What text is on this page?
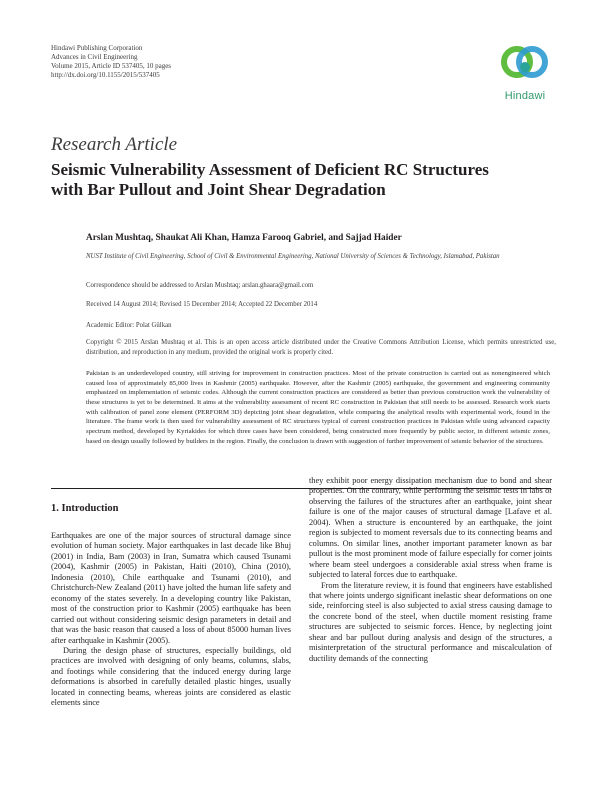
Hindawi Publishing Corporation
Advances in Civil Engineering
Volume 2015, Article ID 537405, 10 pages
http://dx.doi.org/10.1155/2015/537405
Hindawi
Research Article
Seismic Vulnerability Assessment of Deficient RC Structures
with Bar Pullout and Joint Shear Degradation
Arslan Mushtaq, Shaukat Ali Khan, Hamza Farooq Gabriel, and Sajjad Haider
NUST Institute of Civil Engineering, School of Civil & Environmental Engineering, National University of Sciences & Technology, Islamabad, Pakistan
Correspondence should be addressed to Arslan Mushtaq; arslan.ghaara@gmail.com
Received 14 August 2014; Revised 15 December 2014; Accepted 22 December 2014
Academic Editor: Polat Gülkan
Copyright © 2015 Arslan Mushtaq et al. This is an open access article distributed under the Creative Commons Attribution License, which permits unrestricted use, distribution, and reproduction in any medium, provided the original work is properly cited.
Pakistan is an underdeveloped country, still striving for improvement in construction practices. Most of the private construction is carried out as nonengineered which caused loss of approximately 85,000 lives in Kashmir (2005) earthquake. However, after the Kashmir (2005) earthquake, the government and engineering community emphasized on implementation of seismic codes. Although the current construction practices are considered as better than previous construction work the vulnerability of these structures is yet to be determined. It aims at the vulnerability assessment of recent RC construction in Pakistan that still needs to be assessed. Research work starts with calibration of panel zone element (PERFORM 3D) depicting joint shear degradation, while comparing the analytical results with experimental work, found in the literature. The frame work is then used for vulnerability assessment of RC structures typical of current construction practices in Pakistan while using advanced capacity spectrum method, developed by Kyriakides for which three cases have been considered, being constructed more frequently by public sector, in different seismic zones, based on design usually followed by builders in the region. Finally, the conclusion is drawn with suggestion of further improvement of seismic behavior of the structures.
1. Introduction

Earthquakes are one of the major sources of structural damage since evolution of human society. Major earthquakes in last decade like Bhuj (2001) in India, Bam (2003) in Iran, Sumatra which caused Tsunami (2004), Kashmir (2005) in Pakistan, Haiti (2010), China (2010), Indonesia (2010), Chile earthquake and Tsunami (2010), and Christchurch-New Zealand (2011) have jolted the human life safety and economy of the states severely. In a developing country like Pakistan, most of the construction prior to Kashmir (2005) earthquake has been carried out without considering seismic design parameters in detail and that was the basic reason that caused a loss of about 85000 human lives after earthquake in Kashmir (2005).

During the design phase of structures, especially buildings, old practices are involved with designing of only beams, columns, slabs, and footings while considering that the induced energy during large deformations is absorbed in carefully detailed plastic hinges, usually located in connecting beams, whereas joints are considered as elastic elements since

they exhibit poor energy dissipation mechanism due to bond and shear properties. On the contrary, while performing the seismic tests in labs or observing the failures of the structures after an earthquake, joint shear failure is one of the major causes of structural damage [Lafave et al. 2004). When a structure is encountered by an earthquake, the joint region is subjected to moment reversals due to its connecting beams and columns. On similar lines, another important parameter known as bar pullout is the most prominent mode of failure especially for corner joints where beam steel undergoes a considerable axial stress when frame is subjected to lateral forces due to earthquake.

From the literature review, it is found that engineers have established that where joints undergo significant inelastic shear deformations on one side, reinforcing steel is also subjected to axial stress causing damage to the concrete bond of the steel, when ductile moment resisting frame structures are subjected to seismic forces. Hence, by neglecting joint shear and bar pullout during analysis and design of the structures, a misinterpretation of the structural performance and miscalculation of ductility demands of the connecting
